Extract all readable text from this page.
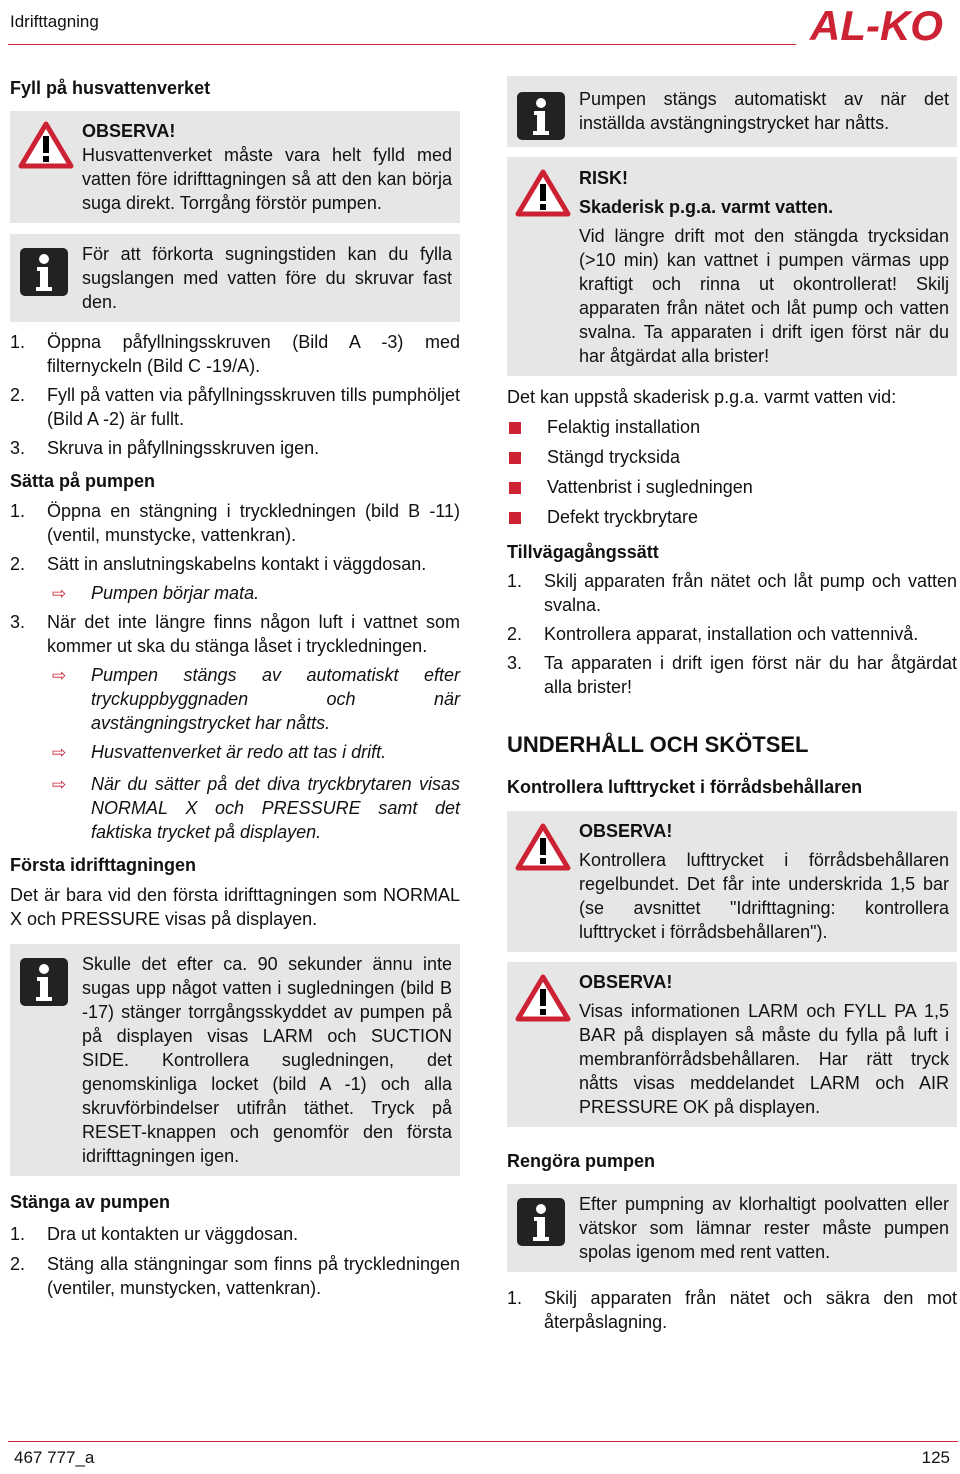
Idrifttagning	AL-KO

Fyll på husvattenverket

OBSERVA!
Husvattenverket måste vara helt fylld med vatten före idrifttagningen så att den kan börja suga direkt. Torrgång förstör pumpen.
För att förkorta sugningstiden kan du fylla sugslangen med vatten före du skruvar fast den.
1. Öppna påfyllningsskruven (Bild A -3) med filternyckeln (Bild C -19/A).
2. Fyll på vatten via påfyllningsskruven tills pumphöljet (Bild A -2) är fullt.
3. Skruva in påfyllningsskruven igen.

Sätta på pumpen

1. Öppna en stängning i tryckledningen (bild B -11) (ventil, munstycke, vattenkran).
2. Sätt in anslutningskabelns kontakt i väggdosan.
⇨ Pumpen börjar mata.
3. När det inte längre finns någon luft i vattnet som kommer ut ska du stänga låset i tryckledningen.
⇨ Pumpen stängs av automatiskt efter tryckuppbyggnaden och när avstängningstrycket har nåtts.
⇨ Husvattenverket är redo att tas i drift.
⇨ När du sätter på det diva tryckbrytaren visas NORMAL X och PRESSURE samt det faktiska trycket på displayen.

Första idrifttagningen

Det är bara vid den första idrifttagningen som NORMAL X och PRESSURE visas på displayen.

Skulle det efter ca. 90 sekunder ännu inte sugas upp något vatten i sugledningen (bild B -17) stänger torrgångsskyddet av pumpen på på displayen visas LARM och SUCTION SIDE. Kontrollera sugledningen, det genomskinliga locket (bild A -1) och alla skruvförbindelser utifrån täthet. Tryck på RESET-knappen och genomför den första idrifttagningen igen.

Stänga av pumpen

1. Dra ut kontakten ur väggdosan.
2. Stäng alla stängningar som finns på tryckledningen (ventiler, munstycken, vattenkran).
Pumpen stängs automatiskt av när det inställda avstängningstrycket har nåtts.
RISK!
Skaderisk p.g.a. varmt vatten.
Vid längre drift mot den stängda trycksidan (>10 min) kan vattnet i pumpen värmas upp kraftigt och rinna ut okontrollerat! Skilj apparaten från nätet och låt pump och vatten svalna. Ta apparaten i drift igen först när du har åtgärdat alla brister!

Det kan uppstå skaderisk p.g.a. varmt vatten vid:

Felaktig installation
Stängd trycksida
Vattenbrist i sugledningen
Defekt tryckbrytare

Tillvägagångssätt

1. Skilj apparaten från nätet och låt pump och vatten svalna.
2. Kontrollera apparat, installation och vattennivå.
3. Ta apparaten i drift igen först när du har åtgärdat alla brister!

UNDERHÅLL OCH SKÖTSEL

Kontrollera lufttrycket i förrådsbehållaren

OBSERVA!
Kontrollera lufttrycket i förrådsbehållaren regelbundet. Det får inte underskrida 1,5 bar (se avsnittet "Idrifttagning: kontrollera lufttrycket i förrådsbehållaren").
OBSERVA!
Visas informationen LARM och FYLL PA 1,5 BAR på displayen så måste du fylla på luft i membranförrådsbehållaren. Har rätt tryck nåtts visas meddelandet LARM och AIR PRESSURE OK på displayen.

Rengöra pumpen

Efter pumpning av klorhaltigt poolvatten eller vätskor som lämnar rester måste pumpen spolas igenom med rent vatten.
1. Skilj apparaten från nätet och säkra den mot återpåslagning.
467 777_a	125
